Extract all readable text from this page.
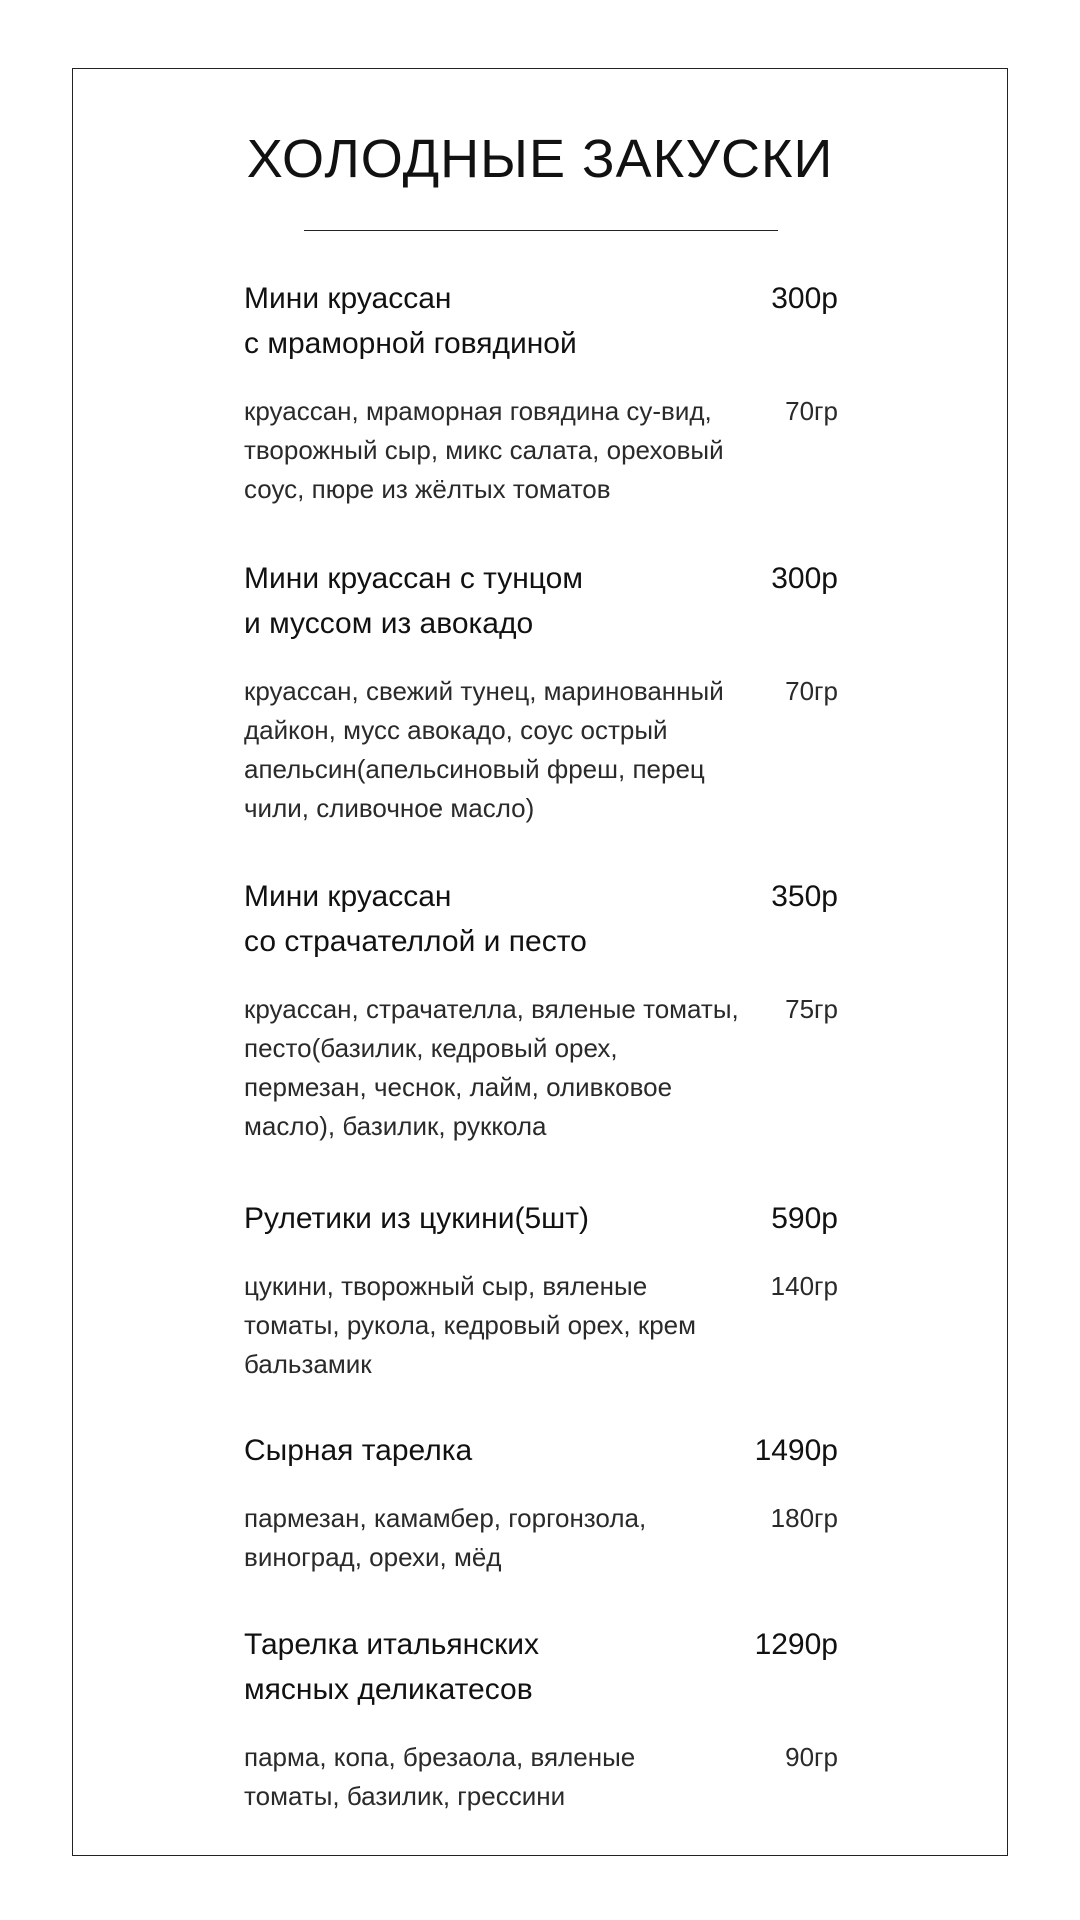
ХОЛОДНЫЕ ЗАКУСКИ
Мини круассан
с мраморной говядиной
300р
круассан, мраморная говядина су-вид,
творожный сыр, микс салата, ореховый
соус, пюре из жёлтых томатов
70гр
Мини круассан с тунцом
и муссом из авокадо
300р
круассан, свежий тунец, маринованный
дайкон, мусс авокадо, соус острый
апельсин(апельсиновый фреш, перец
чили, сливочное масло)
70гр
Мини круассан
со страчателлой и песто
350р
круассан, страчателла, вяленые томаты,
песто(базилик, кедровый орех,
пермезан, чеснок, лайм, оливковое
масло), базилик, руккола
75гр
Рулетики из цукини(5шт)	590р
цукини, творожный сыр, вяленые
томаты, рукола, кедровый орех, крем
бальзамик
140гр
Сырная тарелка	1490р
пармезан, камамбер, горгонзола,
виноград, орехи, мёд
180гр
Тарелка итальянских
мясных деликатесов
1290р
парма, копа, брезаола, вяленые
томаты, базилик, грессини
90гр
